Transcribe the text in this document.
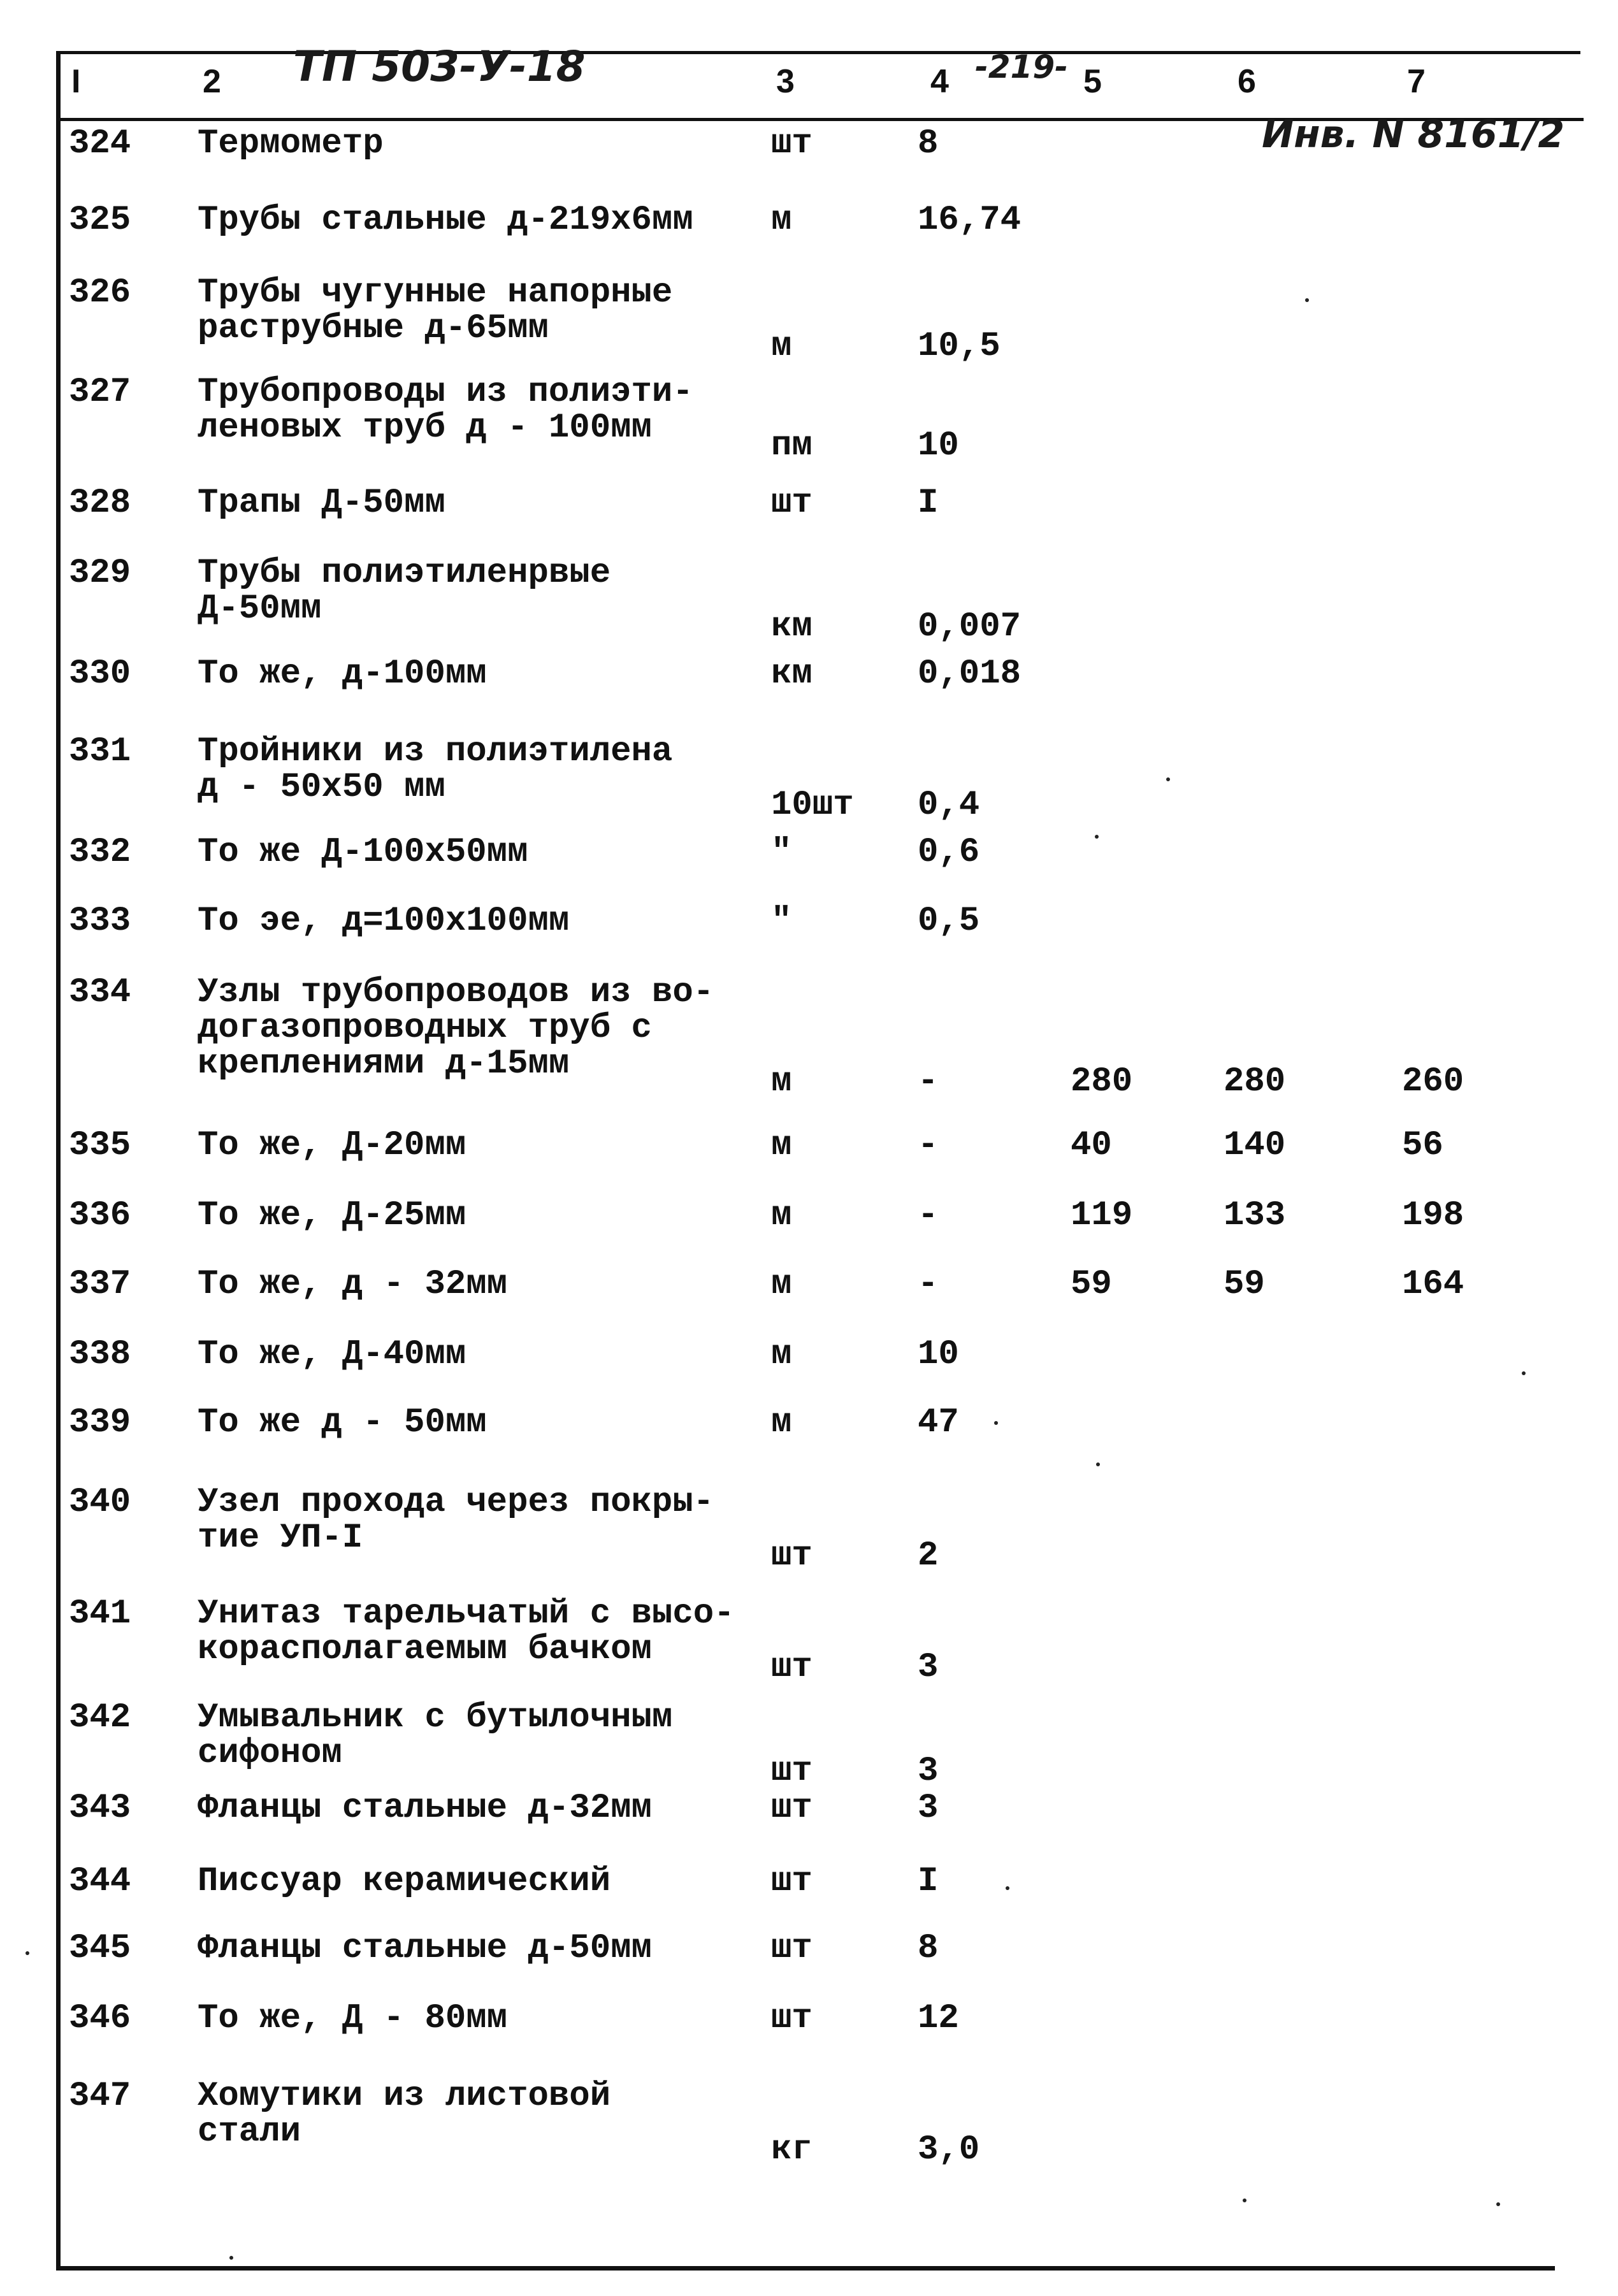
I	2	3	4	5	6	7
ТП 503-У-18	-219-
Инв. N 8161/2
324 Термометр	шт	8
325 Трубы стальные д-219х6мм м	16,74
326 Трубы чугунные напорные
раструбные д-65мм	м	10,5
327 Трубопроводы из полиэти-
леновых труб д - 100мм	пм	10
328 Трапы Д-50мм	шт	I
329 Трубы полиэтиленрвые
Д-50мм	км	0,007
330 То же, д-100мм	км	0,018
331 Тройники из полиэтилена
д - 50х50 мм	10шт 0,4
332 То же Д-100х50мм	"	0,6
333 То эе, д=100х100мм	"	0,5
334 Узлы трубопроводов из во-
догазопроводных труб с
креплениями д-15мм	м	-	280	280	260
335 То же, Д-20мм	м	-	40	140	56
336 То же, Д-25мм	м	-	119	133	198
337 То же, д - 32мм	м	-	59	59	164
338 То же, Д-40мм	м	10
339 То же д - 50мм	м	47
340 Узел прохода через покры-
тие УП-I	шт	2
341 Унитаз тарельчатый с высо-
корасполагаемым бачком	шт	3
342 Умывальник с бутылочным
сифоном	шт	3
343 Фланцы стальные д-32мм	шт	3
344 Писсуар керамический	шт	I
345 Фланцы стальные д-50мм	шт	8
346 То же, Д - 80мм	шт	12
347 Хомутики из листовой
стали	кг	3,0
